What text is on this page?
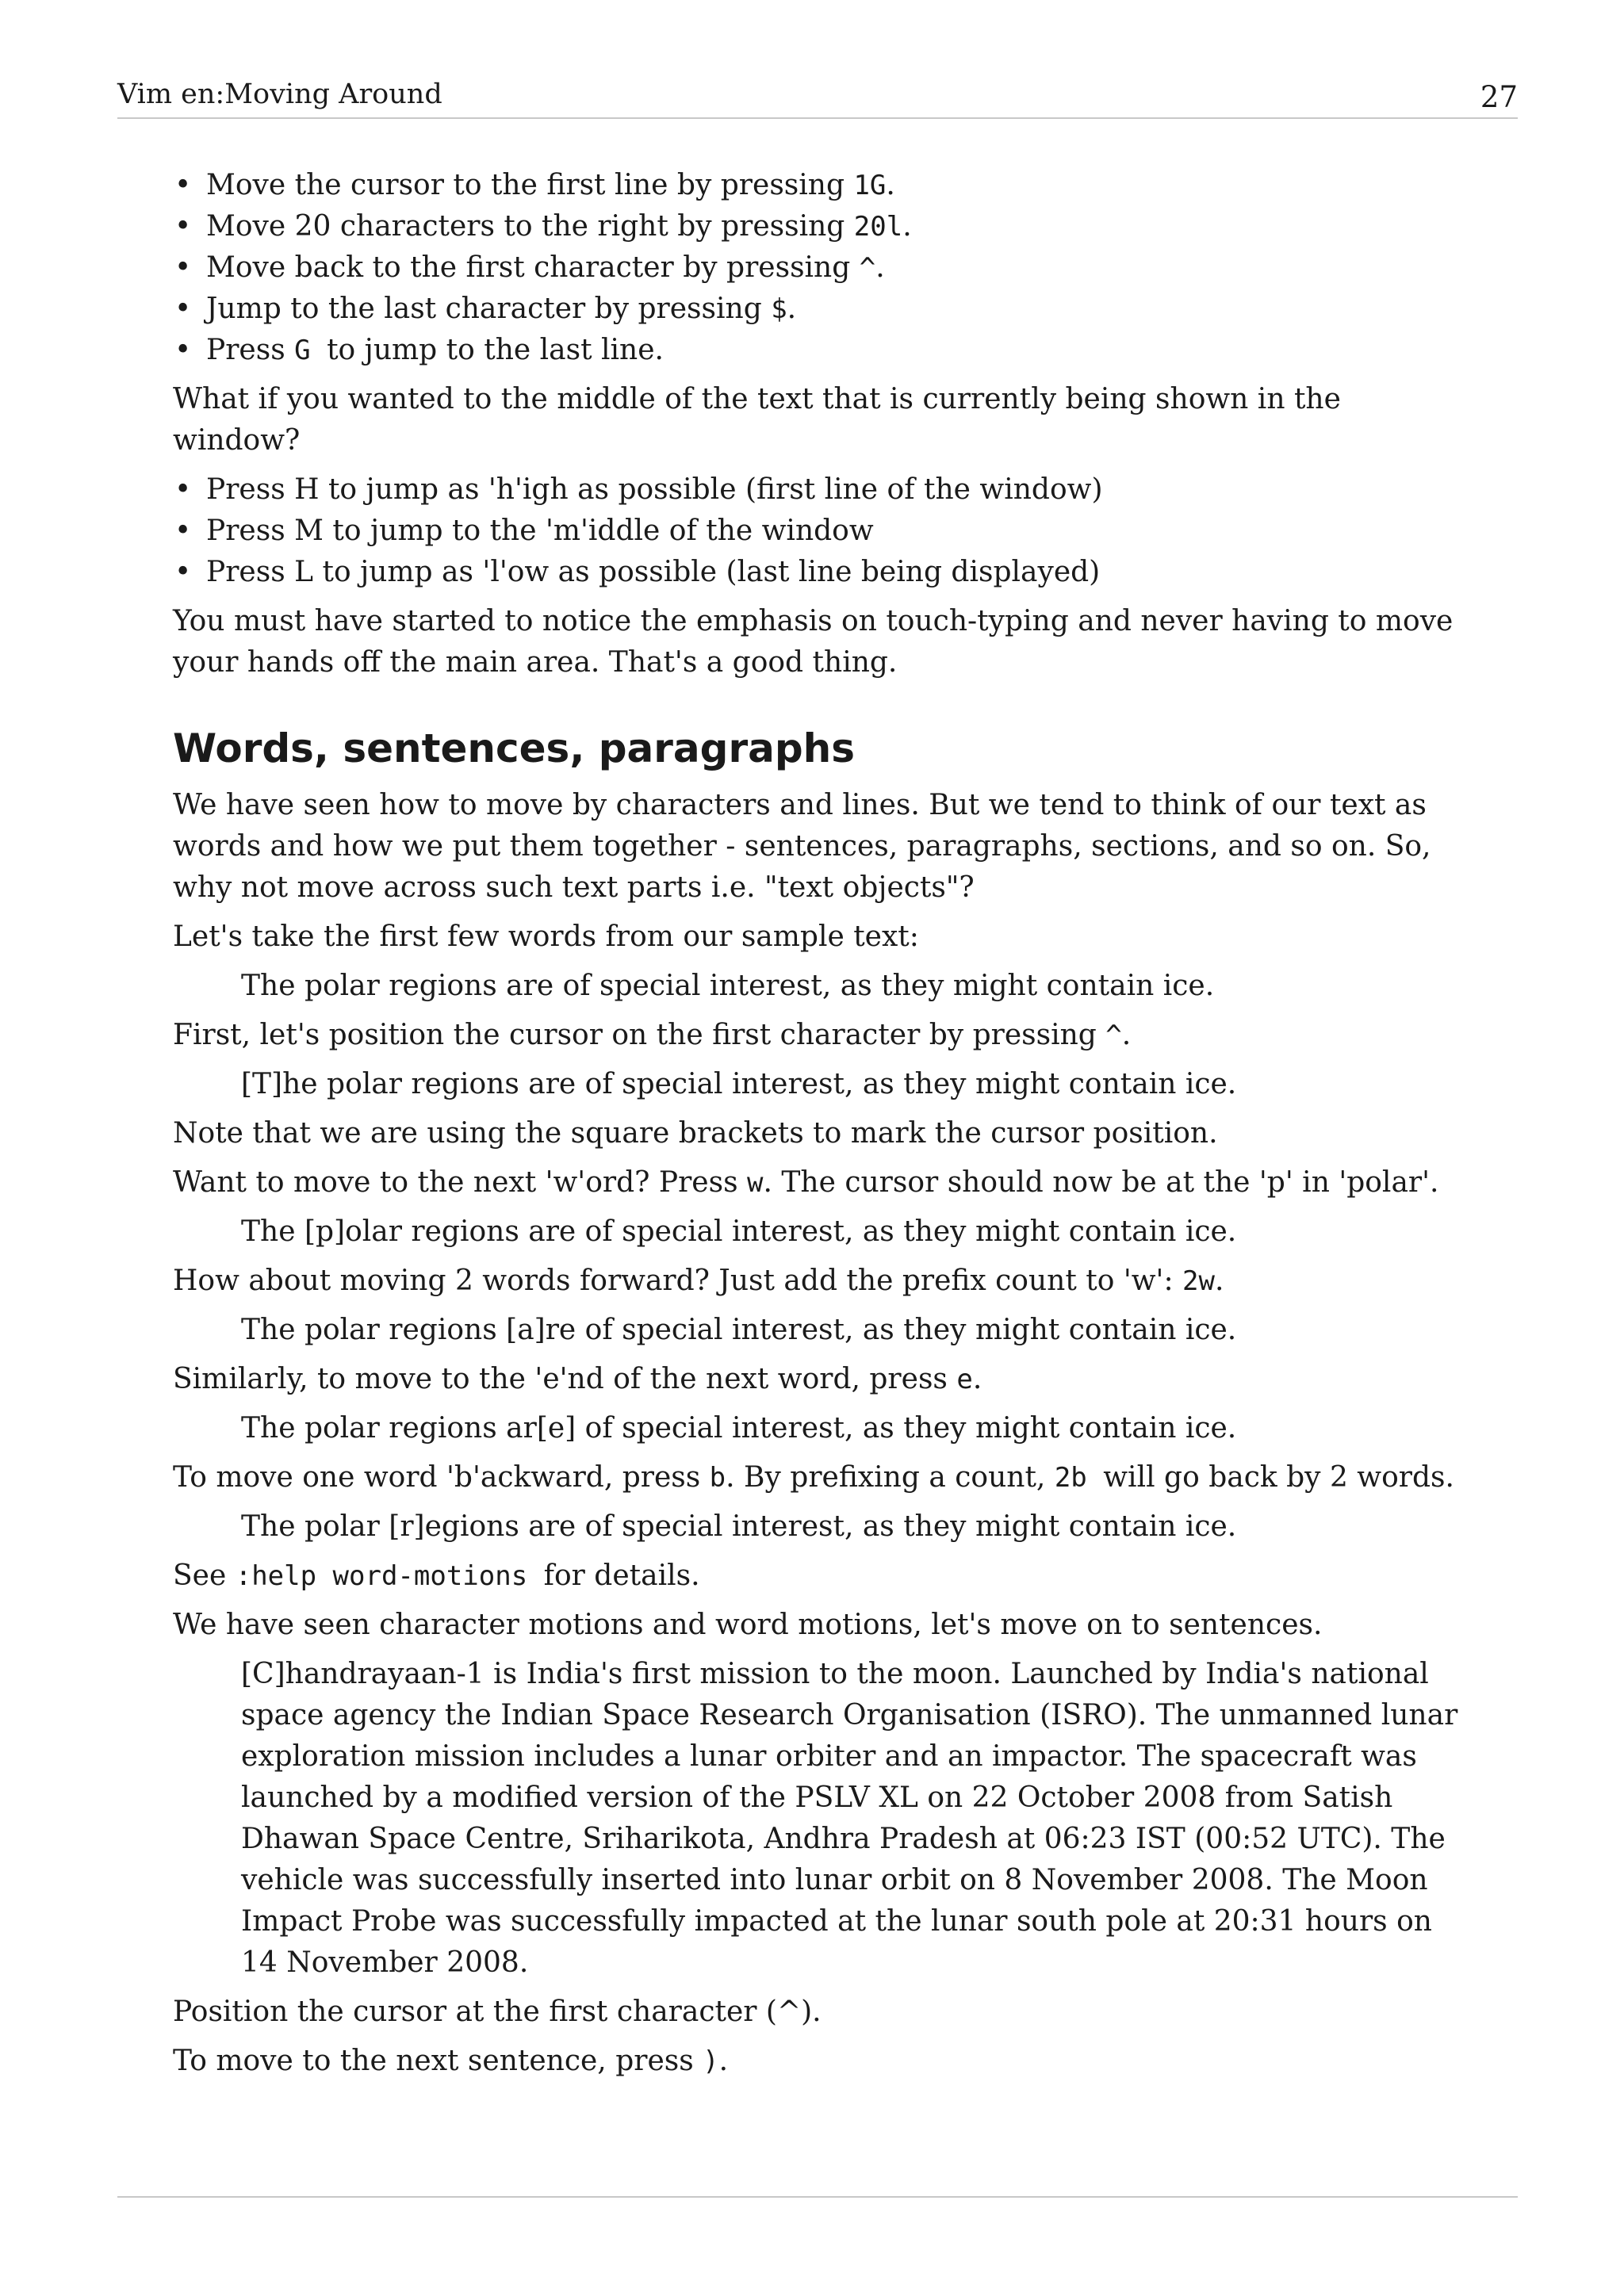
Vim en:Moving Around	27
• Move the cursor to the first line by pressing 1G.
• Move 20 characters to the right by pressing 20l.
• Move back to the first character by pressing ^.
• Jump to the last character by pressing $.
• Press G to jump to the last line.

What if you wanted to the middle of the text that is currently being shown in the window?

• Press H to jump as 'h'igh as possible (first line of the window)
• Press M to jump to the 'm'iddle of the window
• Press L to jump as 'l'ow as possible (last line being displayed)

You must have started to notice the emphasis on touch-typing and never having to move your hands off the main area. That's a good thing.

Words, sentences, paragraphs

We have seen how to move by characters and lines. But we tend to think of our text as words and how we put them together - sentences, paragraphs, sections, and so on. So, why not move across such text parts i.e. "text objects"?

Let's take the first few words from our sample text:

The polar regions are of special interest, as they might contain ice.

First, let's position the cursor on the first character by pressing ^.

[T]he polar regions are of special interest, as they might contain ice.

Note that we are using the square brackets to mark the cursor position.

Want to move to the next 'w'ord? Press w. The cursor should now be at the 'p' in 'polar'.

The [p]olar regions are of special interest, as they might contain ice.

How about moving 2 words forward? Just add the prefix count to 'w': 2w.

The polar regions [a]re of special interest, as they might contain ice.

Similarly, to move to the 'e'nd of the next word, press e.

The polar regions ar[e] of special interest, as they might contain ice.

To move one word 'b'ackward, press b. By prefixing a count, 2b will go back by 2 words.

The polar [r]egions are of special interest, as they might contain ice.

See :help word-motions for details.

We have seen character motions and word motions, let's move on to sentences.

[C]handrayaan-1 is India's first mission to the moon. Launched by India's national space agency the Indian Space Research Organisation (ISRO). The unmanned lunar exploration mission includes a lunar orbiter and an impactor. The spacecraft was launched by a modified version of the PSLV XL on 22 October 2008 from Satish Dhawan Space Centre, Sriharikota, Andhra Pradesh at 06:23 IST (00:52 UTC). The vehicle was successfully inserted into lunar orbit on 8 November 2008. The Moon Impact Probe was successfully impacted at the lunar south pole at 20:31 hours on 14 November 2008.

Position the cursor at the first character (^).

To move to the next sentence, press ).
